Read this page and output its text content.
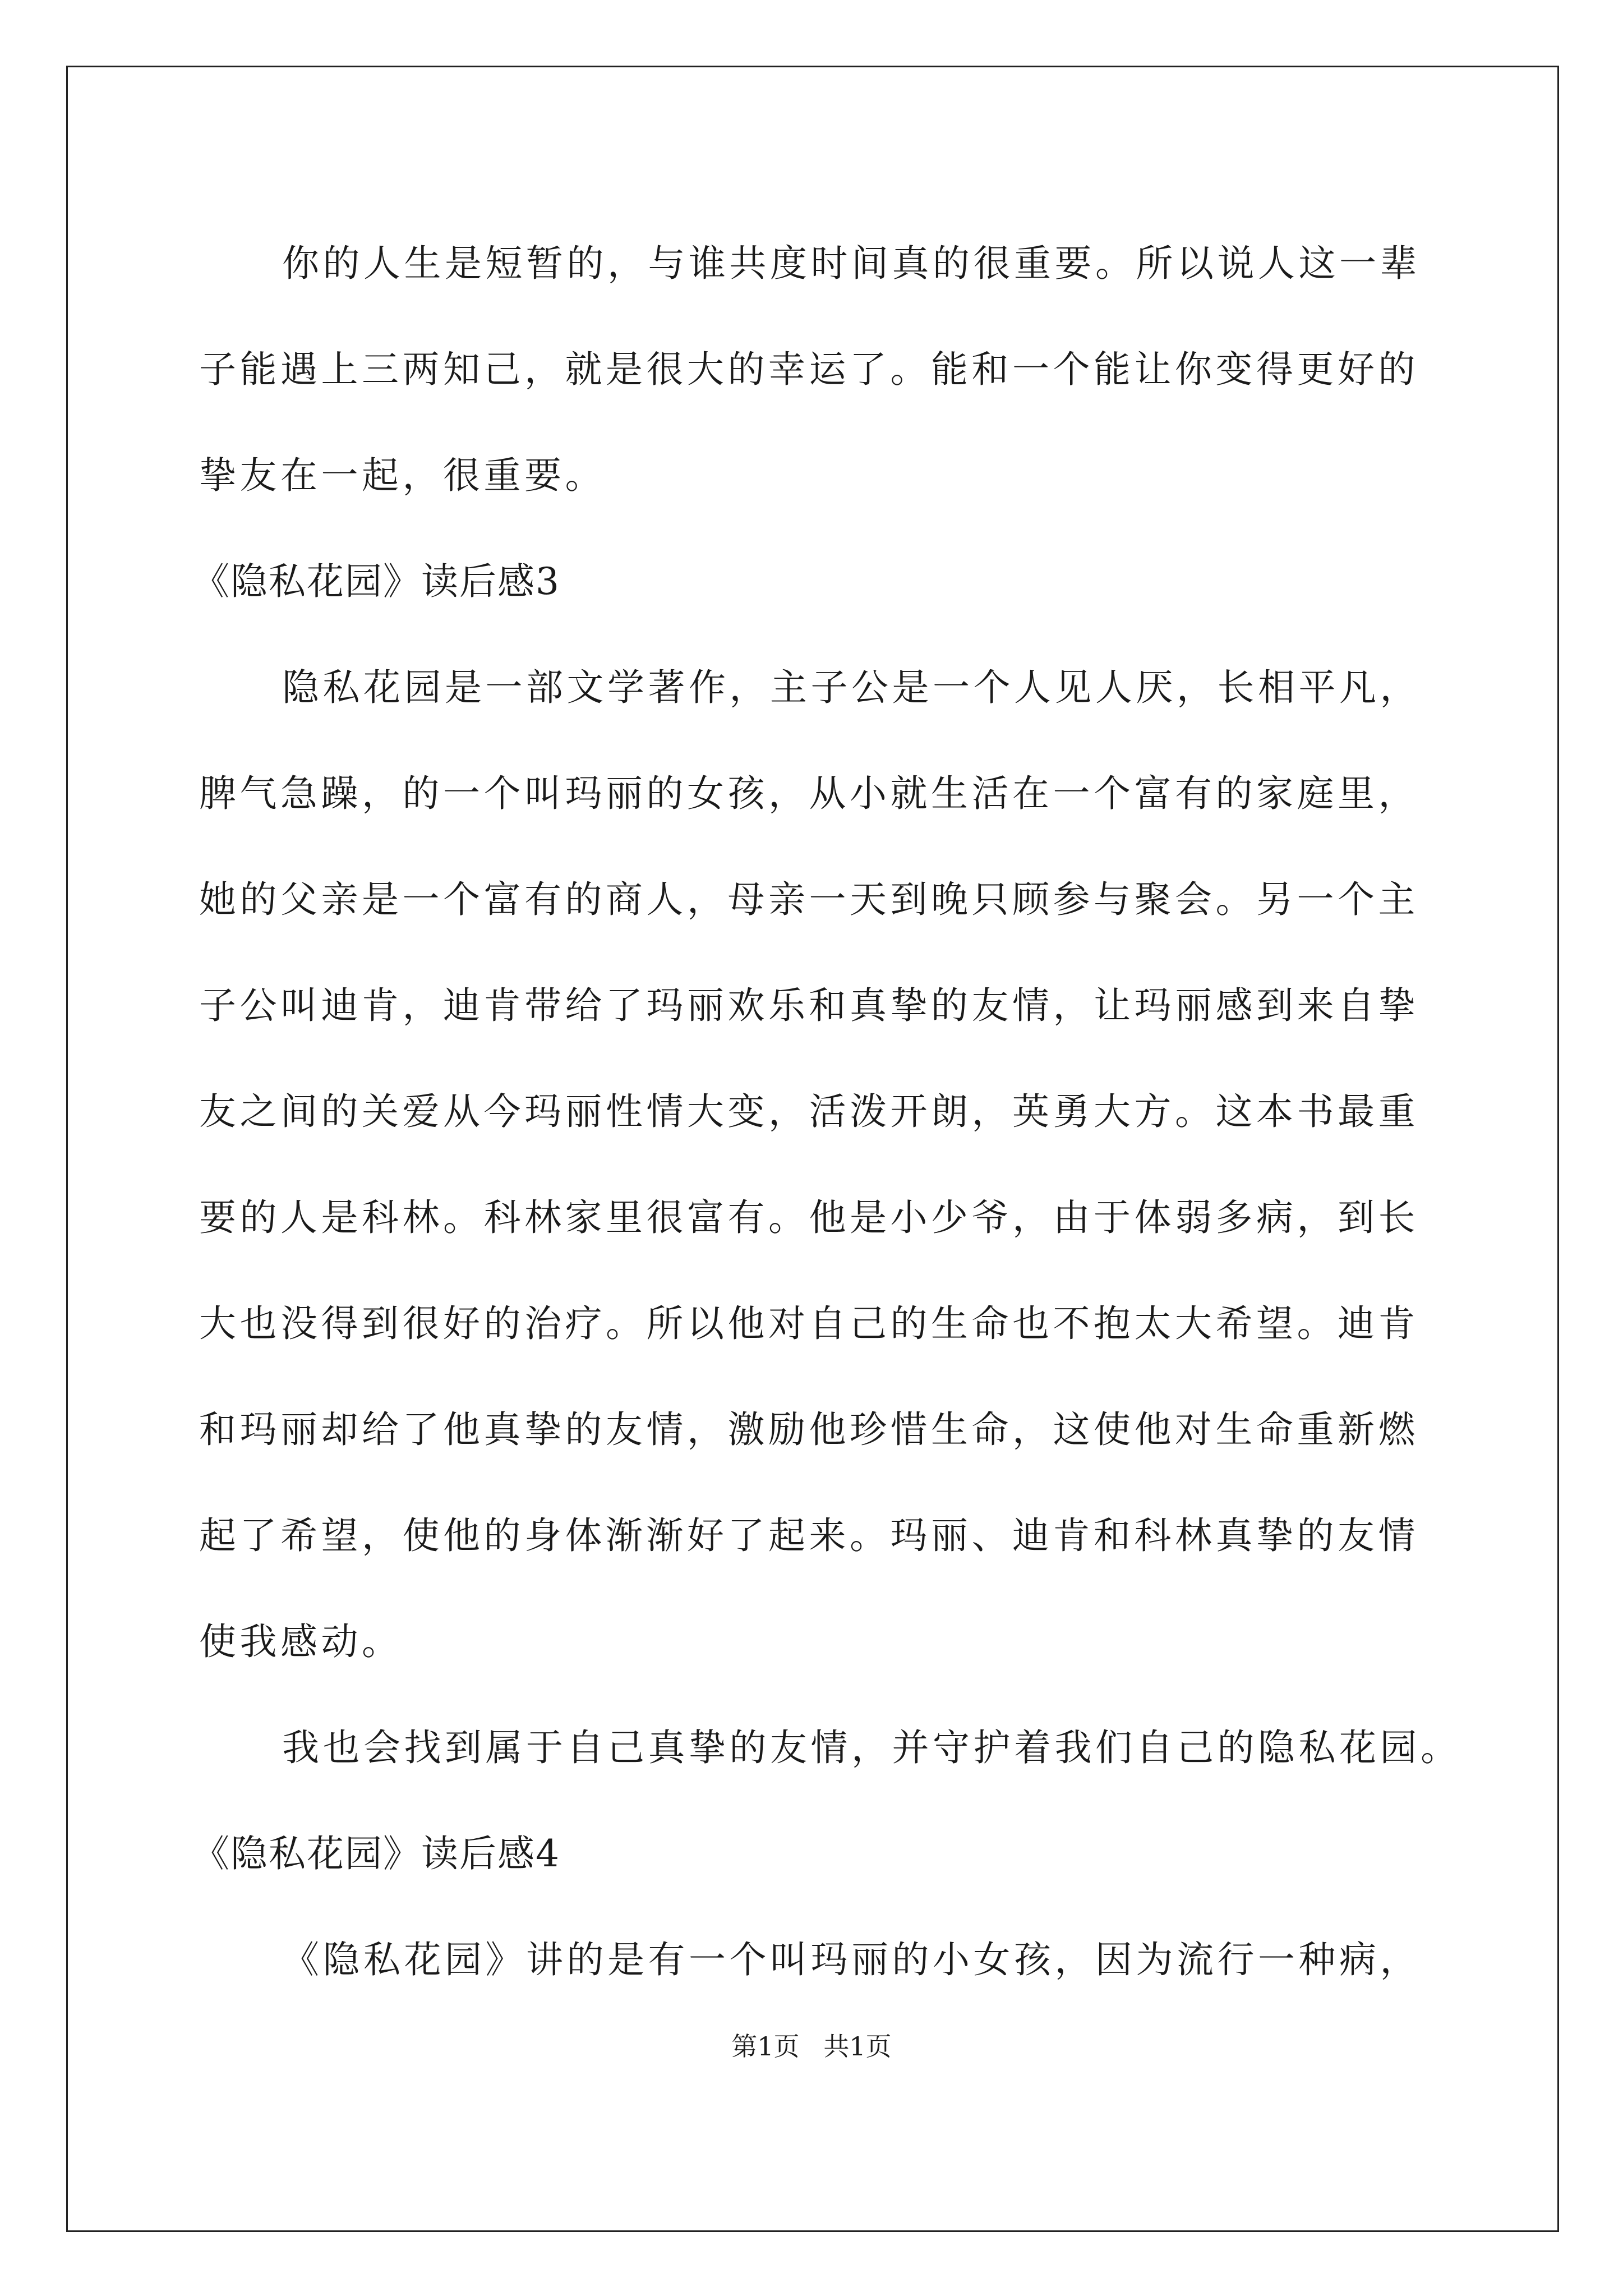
你的人生是短暂的，与谁共度时间真的很重要。所以说人这一辈
子能遇上三两知己，就是很大的幸运了。能和一个能让你变得更好的
挚友在一起，很重要。
《隐私花园》读后感3
隐私花园是一部文学著作，主子公是一个人见人厌，长相平凡，
脾气急躁，的一个叫玛丽的女孩，从小就生活在一个富有的家庭里，
她的父亲是一个富有的商人，母亲一天到晚只顾参与聚会。另一个主
子公叫迪肯，迪肯带给了玛丽欢乐和真挚的友情，让玛丽感到来自挚
友之间的关爱从今玛丽性情大变，活泼开朗，英勇大方。这本书最重
要的人是科林。科林家里很富有。他是小少爷，由于体弱多病，到长
大也没得到很好的治疗。所以他对自己的生命也不抱太大希望。迪肯
和玛丽却给了他真挚的友情，激励他珍惜生命，这使他对生命重新燃
起了希望，使他的身体渐渐好了起来。玛丽、迪肯和科林真挚的友情
使我感动。
我也会找到属于自己真挚的友情，并守护着我们自己的隐私花园。
《隐私花园》读后感4
《隐私花园》讲的是有一个叫玛丽的小女孩，因为流行一种病，
第1页 共1页
